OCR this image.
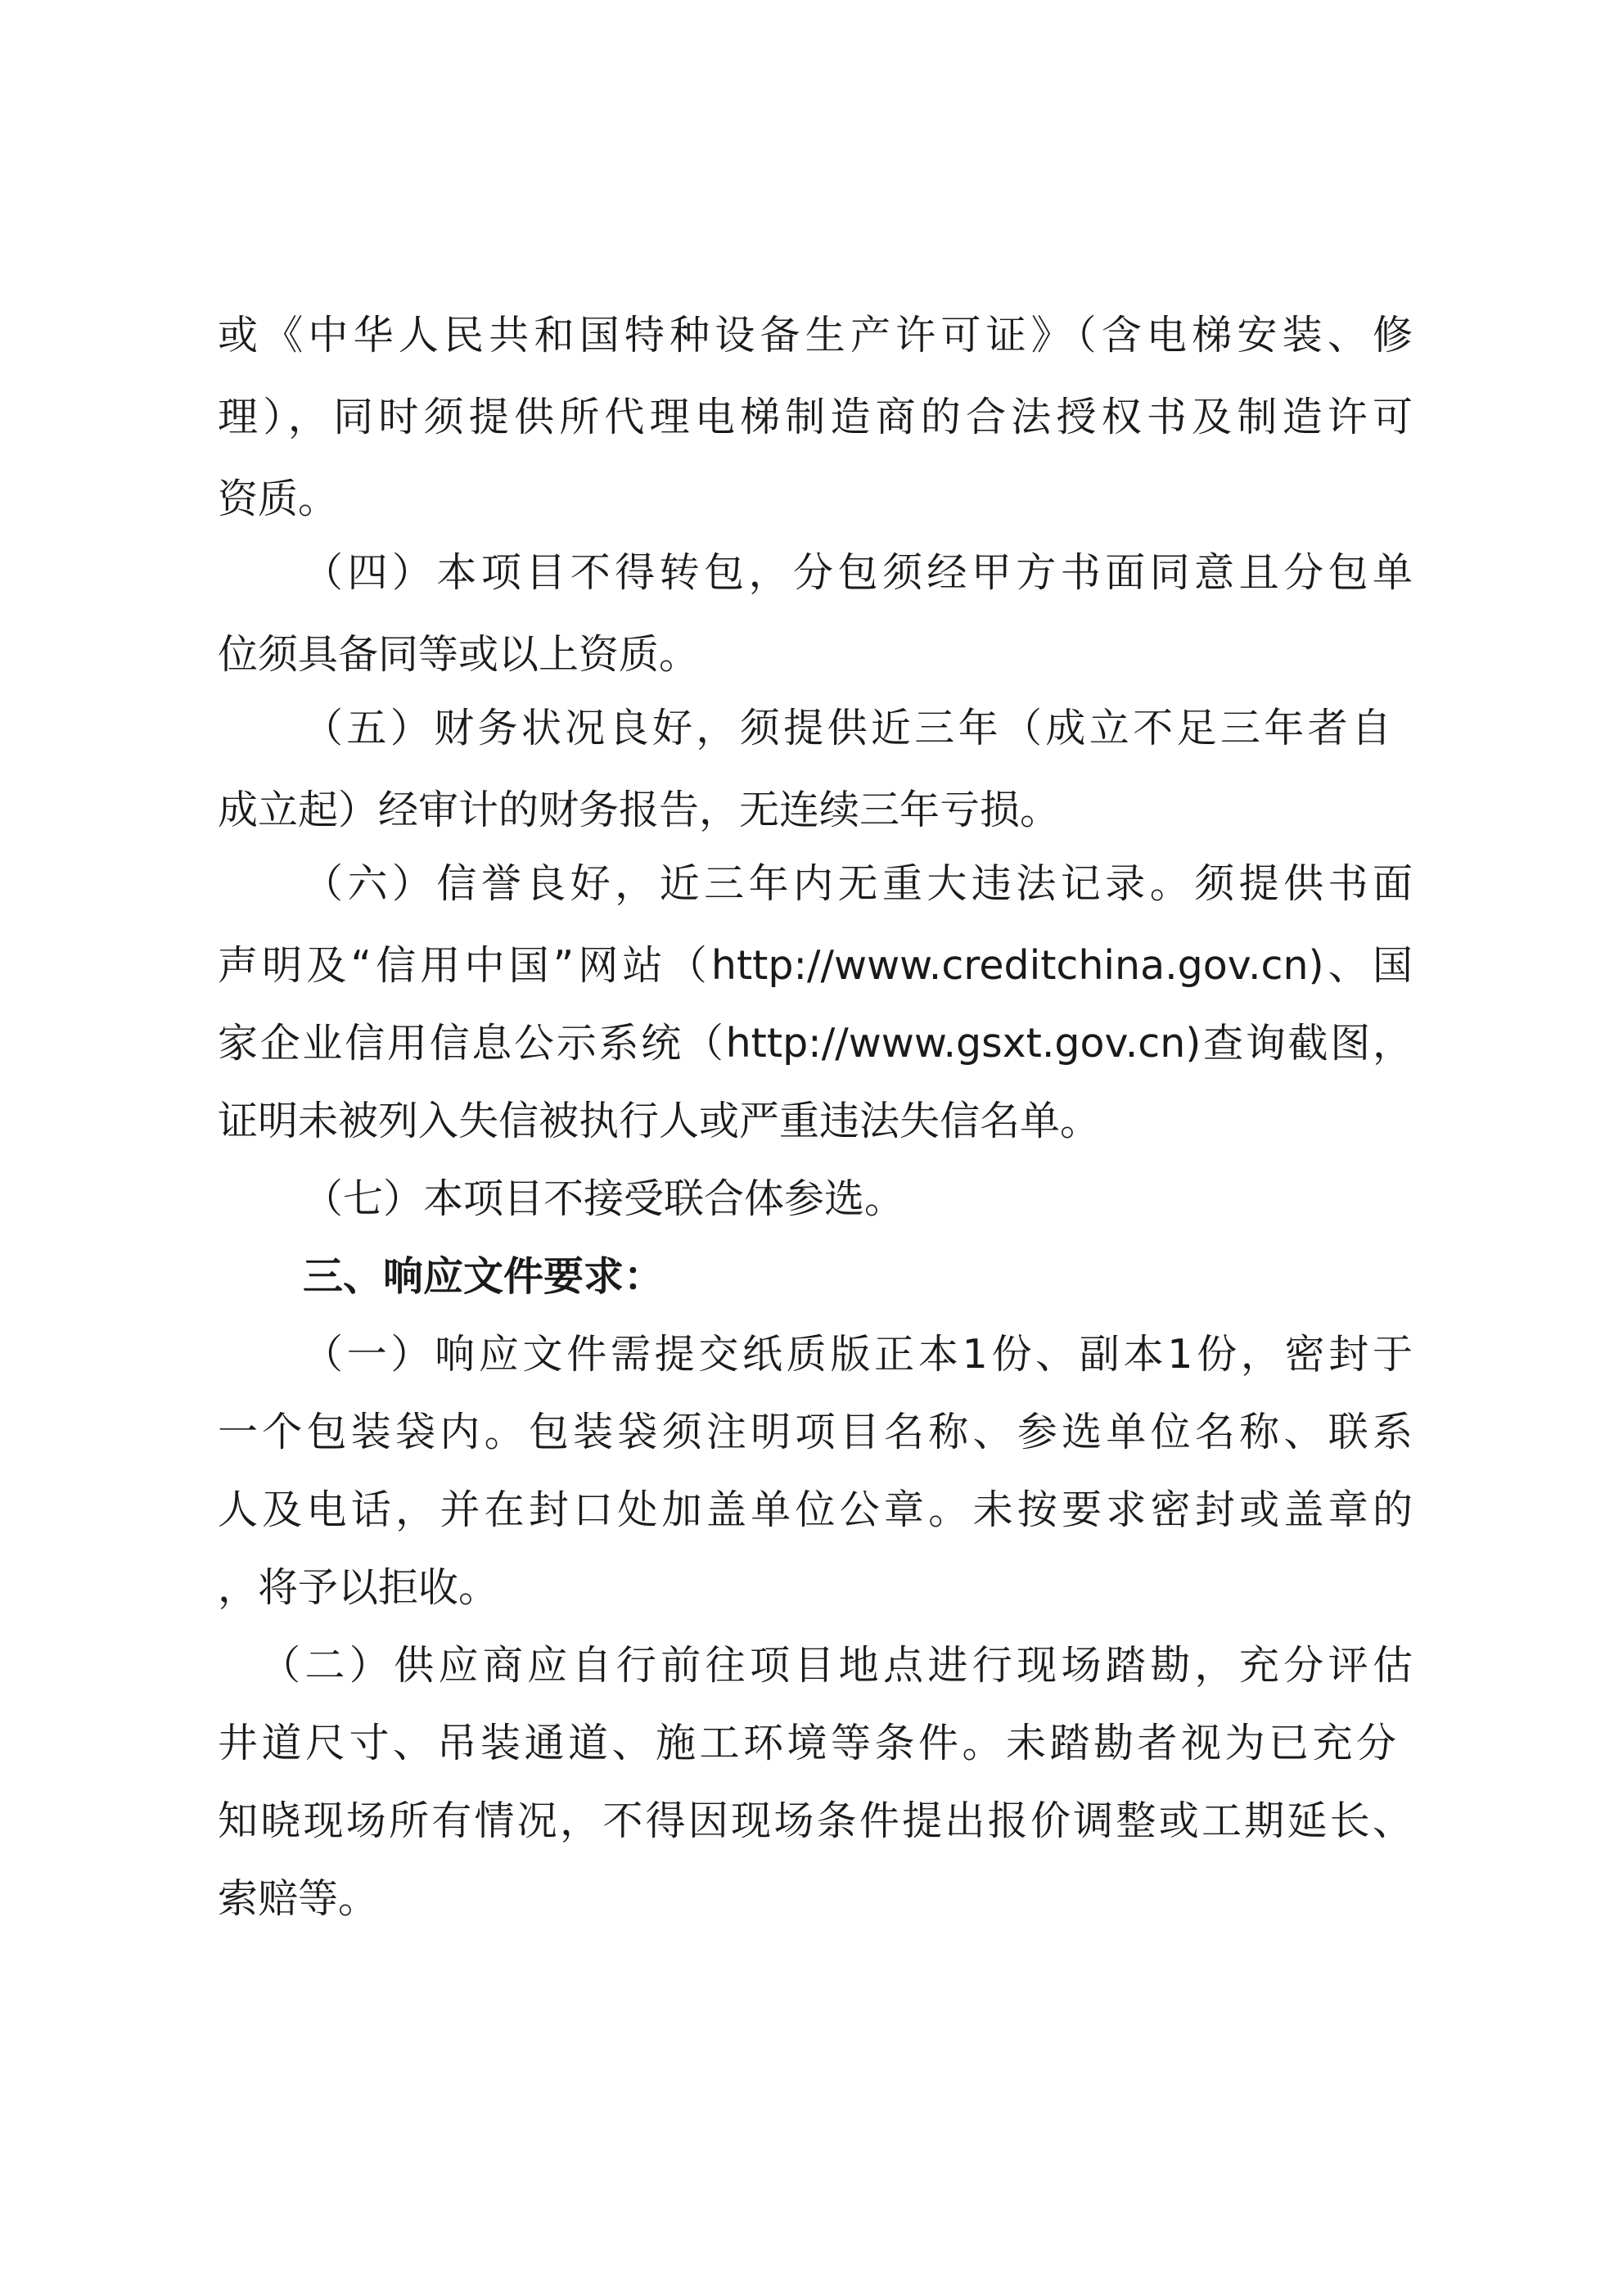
或《中华人民共和国特种设备生产许可证》（含电梯安装、修
理），同时须提供所代理电梯制造商的合法授权书及制造许可
资质。
（四）本项目不得转包，分包须经甲方书面同意且分包单
位须具备同等或以上资质。
（五）财务状况良好，须提供近三年（成立不足三年者自
成立起）经审计的财务报告，无连续三年亏损。
（六）信誉良好，近三年内无重大违法记录。须提供书面
声明及“信用中国”网站（http://www.creditchina.gov.cn)、国
家企业信用信息公示系统（http://www.gsxt.gov.cn)查询截图，
证明未被列入失信被执行人或严重违法失信名单。
（七）本项目不接受联合体参选。
三、响应文件要求：
（一）响应文件需提交纸质版正本1份、副本1份，密封于
一个包装袋内。包装袋须注明项目名称、参选单位名称、联系
人及电话，并在封口处加盖单位公章。未按要求密封或盖章的
，将予以拒收。
（二）供应商应自行前往项目地点进行现场踏勘，充分评估
井道尺寸、吊装通道、施工环境等条件。未踏勘者视为已充分
知晓现场所有情况，不得因现场条件提出报价调整或工期延长、
索赔等。
